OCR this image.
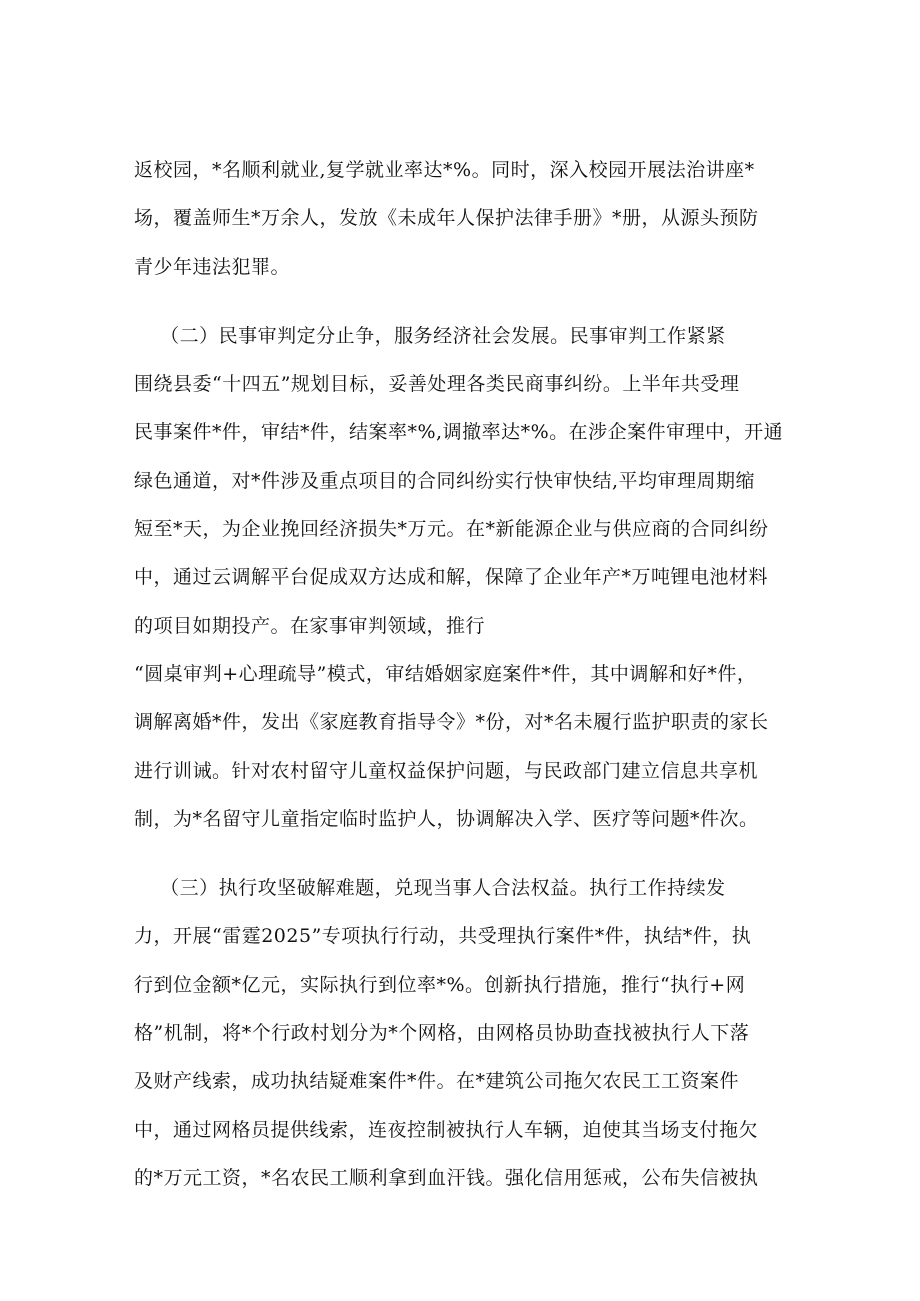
返校园，*名顺利就业,复学就业率达*%。同时，深入校园开展法治讲座*
场，覆盖师生*万余人，发放《未成年人保护法律手册》*册，从源头预防
青少年违法犯罪。
（二）民事审判定分止争，服务经济社会发展。民事审判工作紧紧
围绕县委“十四五”规划目标，妥善处理各类民商事纠纷。上半年共受理
民事案件*件，审结*件，结案率*%,调撤率达*%。在涉企案件审理中，开通
绿色通道，对*件涉及重点项目的合同纠纷实行快审快结,平均审理周期缩
短至*天，为企业挽回经济损失*万元。在*新能源企业与供应商的合同纠纷
中，通过云调解平台促成双方达成和解，保障了企业年产*万吨锂电池材料
的项目如期投产。在家事审判领域，推行
“圆桌审判+心理疏导”模式，审结婚姻家庭案件*件，其中调解和好*件，
调解离婚*件，发出《家庭教育指导令》*份，对*名未履行监护职责的家长
进行训诫。针对农村留守儿童权益保护问题，与民政部门建立信息共享机
制，为*名留守儿童指定临时监护人，协调解决入学、医疗等问题*件次。
（三）执行攻坚破解难题，兑现当事人合法权益。执行工作持续发
力，开展“雷霆2025”专项执行行动，共受理执行案件*件，执结*件，执
行到位金额*亿元，实际执行到位率*%。创新执行措施，推行“执行+网
格”机制，将*个行政村划分为*个网格，由网格员协助查找被执行人下落
及财产线索，成功执结疑难案件*件。在*建筑公司拖欠农民工工资案件
中，通过网格员提供线索，连夜控制被执行人车辆，迫使其当场支付拖欠
的*万元工资，*名农民工顺利拿到血汗钱。强化信用惩戒，公布失信被执
